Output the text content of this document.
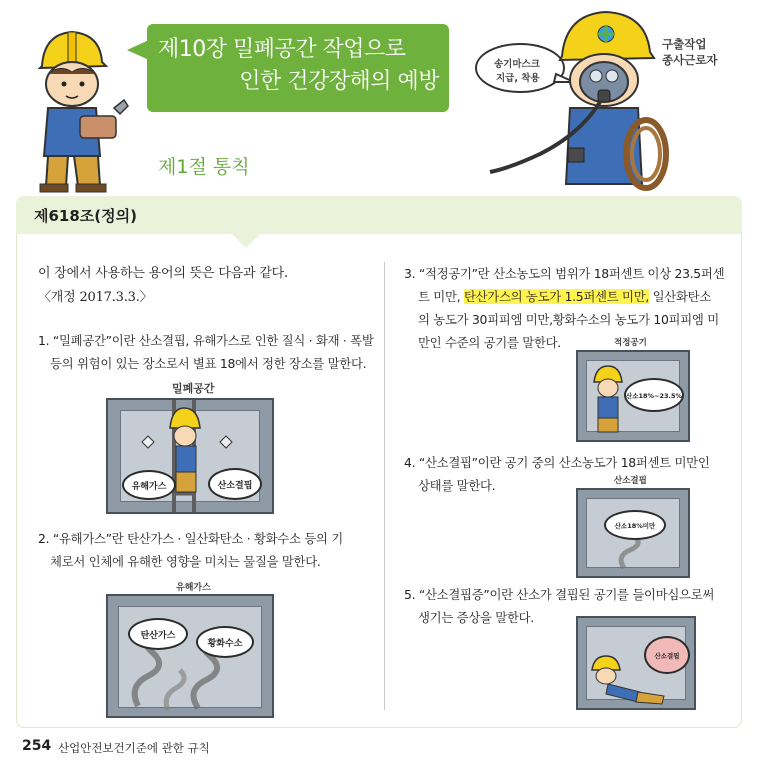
제10장 밀폐공간 작업으로
인한 건강장해의 예방
송기마스크
지급, 착용
구출작업
종사근로자
제1절 통칙
제618조(정의)
이 장에서 사용하는 용어의 뜻은 다음과 같다.
〈개정 2017.3.3.〉
1. “밀폐공간”이란 산소결핍, 유해가스로 인한 질식 · 화재 · 폭발
등의 위험이 있는 장소로서 별표 18에서 정한 장소를 말한다.
밀폐공간
유해가스	산소결핍
2. “유해가스”란 탄산가스 · 일산화탄소 · 황화수소 등의 기
체로서 인체에 유해한 영향을 미치는 물질을 말한다.
유해가스
탄산가스
황화수소
3. “적정공기”란 산소농도의 범위가 18퍼센트 이상 23.5퍼센
트 미만, 탄산가스의 농도가 1.5퍼센트 미만, 일산화탄소
의 농도가 30피피엠 미만,황화수소의 농도가 10피피엠 미
만인 수준의 공기를 말한다.	적정공기
산소18%~23.5%
4. “산소결핍”이란 공기 중의 산소농도가 18퍼센트 미만인
상태를 말한다.	산소결핍
산소18%미만
5. “산소결핍증”이란 산소가 결핍된 공기를 들이마심으로써
생기는 증상을 말한다.
산소결핍
254 산업안전보건기준에 관한 규칙
